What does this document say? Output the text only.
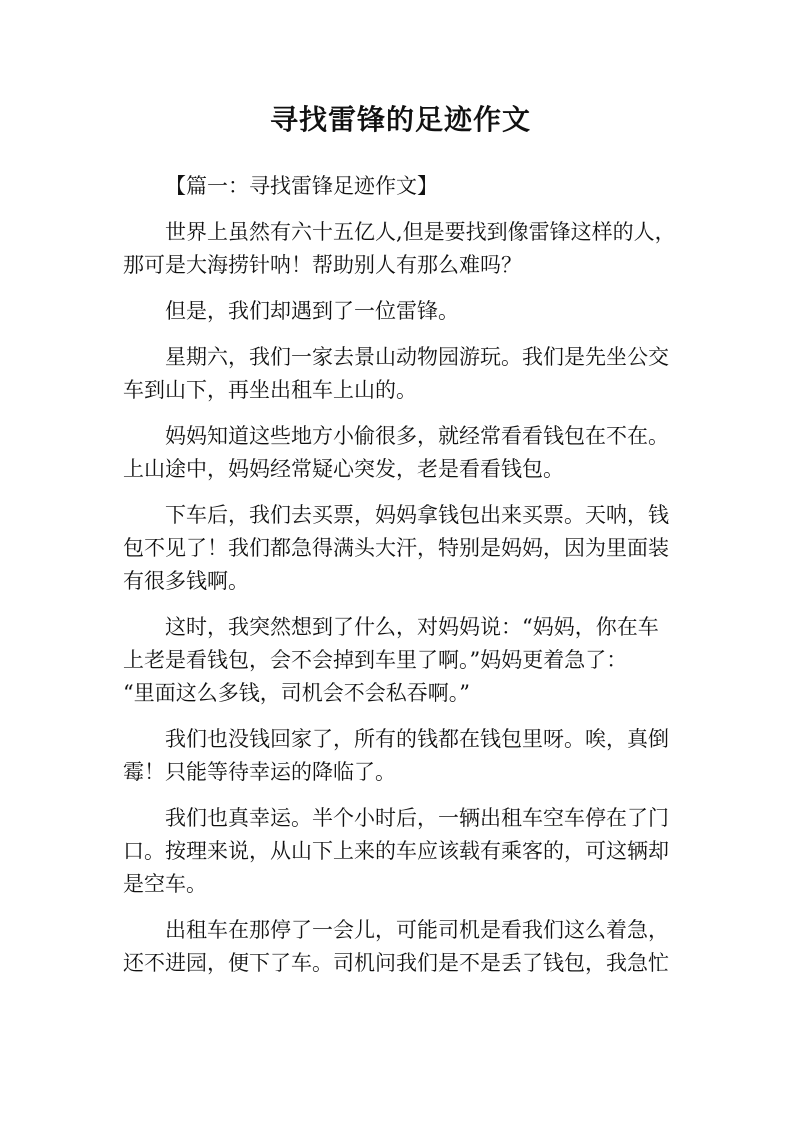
寻找雷锋的足迹作文

【篇一：寻找雷锋足迹作文】

世界上虽然有六十五亿人,但是要找到像雷锋这样的人，
那可是大海捞针呐！帮助别人有那么难吗？

但是，我们却遇到了一位雷锋。

星期六，我们一家去景山动物园游玩。我们是先坐公交
车到山下，再坐出租车上山的。

妈妈知道这些地方小偷很多，就经常看看钱包在不在。
上山途中，妈妈经常疑心突发，老是看看钱包。

下车后，我们去买票，妈妈拿钱包出来买票。天呐，钱
包不见了！我们都急得满头大汗，特别是妈妈，因为里面装
有很多钱啊。

这时，我突然想到了什么，对妈妈说：“妈妈，你在车
上老是看钱包，会不会掉到车里了啊。”妈妈更着急了：
“里面这么多钱，司机会不会私吞啊。”

我们也没钱回家了，所有的钱都在钱包里呀。唉，真倒
霉！只能等待幸运的降临了。

我们也真幸运。半个小时后，一辆出租车空车停在了门
口。按理来说，从山下上来的车应该载有乘客的，可这辆却
是空车。

出租车在那停了一会儿，可能司机是看我们这么着急，
还不进园，便下了车。司机问我们是不是丢了钱包，我急忙
